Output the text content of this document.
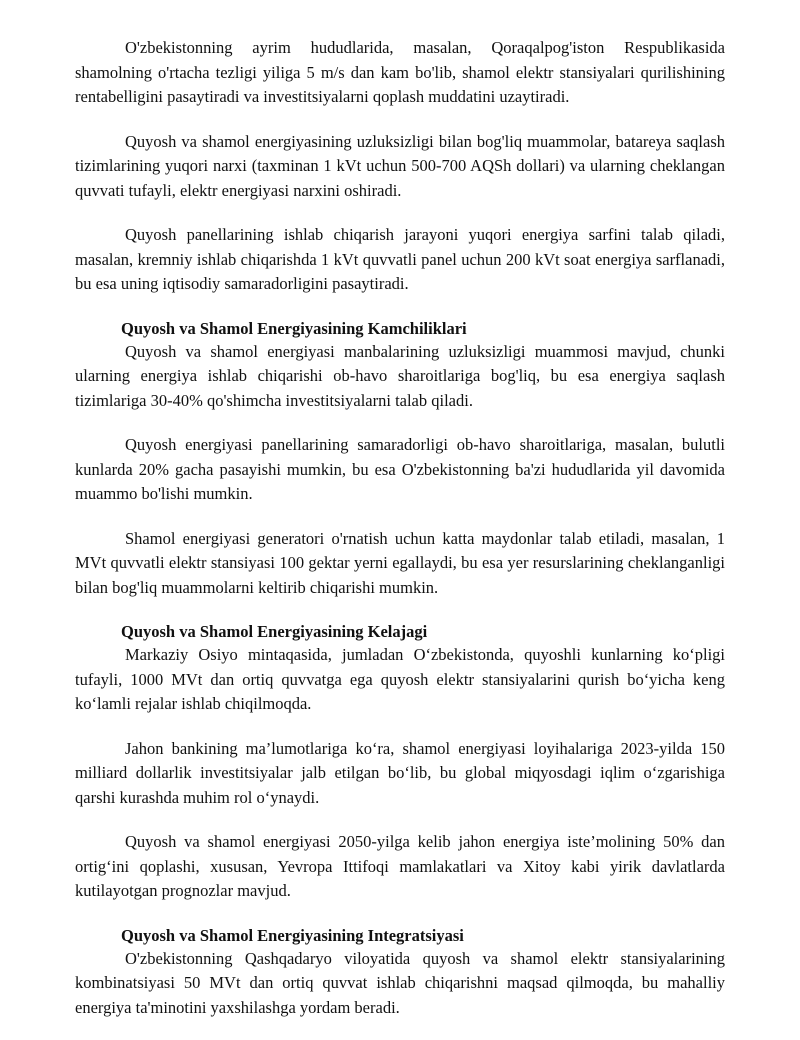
O'zbekistonning ayrim hududlarida, masalan, Qoraqalpog'iston Respublikasida shamolning o'rtacha tezligi yiliga 5 m/s dan kam bo'lib, shamol elektr stansiyalari qurilishining rentabelligini pasaytiradi va investitsiyalarni qoplash muddatini uzaytiradi.

Quyosh va shamol energiyasining uzluksizligi bilan bog'liq muammolar, batareya saqlash tizimlarining yuqori narxi (taxminan 1 kVt uchun 500-700 AQSh dollari) va ularning cheklangan quvvati tufayli, elektr energiyasi narxini oshiradi.

Quyosh panellarining ishlab chiqarish jarayoni yuqori energiya sarfini talab qiladi, masalan, kremniy ishlab chiqarishda 1 kVt quvvatli panel uchun 200 kVt soat energiya sarflanadi, bu esa uning iqtisodiy samaradorligini pasaytiradi.

Quyosh va Shamol Energiyasining Kamchiliklari

Quyosh va shamol energiyasi manbalarining uzluksizligi muammosi mavjud, chunki ularning energiya ishlab chiqarishi ob-havo sharoitlariga bog'liq, bu esa energiya saqlash tizimlariga 30-40% qo'shimcha investitsiyalarni talab qiladi.

Quyosh energiyasi panellarining samaradorligi ob-havo sharoitlariga, masalan, bulutli kunlarda 20% gacha pasayishi mumkin, bu esa O'zbekistonning ba'zi hududlarida yil davomida muammo bo'lishi mumkin.

Shamol energiyasi generatori o'rnatish uchun katta maydonlar talab etiladi, masalan, 1 MVt quvvatli elektr stansiyasi 100 gektar yerni egallaydi, bu esa yer resurslarining cheklanganligi bilan bog'liq muammolarni keltirib chiqarishi mumkin.

Quyosh va Shamol Energiyasining Kelajagi

Markaziy Osiyo mintaqasida, jumladan O‘zbekistonda, quyoshli kunlarning ko‘pligi tufayli, 1000 MVt dan ortiq quvvatga ega quyosh elektr stansiyalarini qurish bo‘yicha keng ko‘lamli rejalar ishlab chiqilmoqda.

Jahon bankining ma’lumotlariga ko‘ra, shamol energiyasi loyihalariga 2023-yilda 150 milliard dollarlik investitsiyalar jalb etilgan bo‘lib, bu global miqyosdagi iqlim o‘zgarishiga qarshi kurashda muhim rol o‘ynaydi.

Quyosh va shamol energiyasi 2050-yilga kelib jahon energiya iste’molining 50% dan ortig‘ini qoplashi, xususan, Yevropa Ittifoqi mamlakatlari va Xitoy kabi yirik davlatlarda kutilayotgan prognozlar mavjud.

Quyosh va Shamol Energiyasining Integratsiyasi

O'zbekistonning Qashqadaryo viloyatida quyosh va shamol elektr stansiyalarining kombinatsiyasi 50 MVt dan ortiq quvvat ishlab chiqarishni maqsad qilmoqda, bu mahalliy energiya ta'minotini yaxshilashga yordam beradi.
